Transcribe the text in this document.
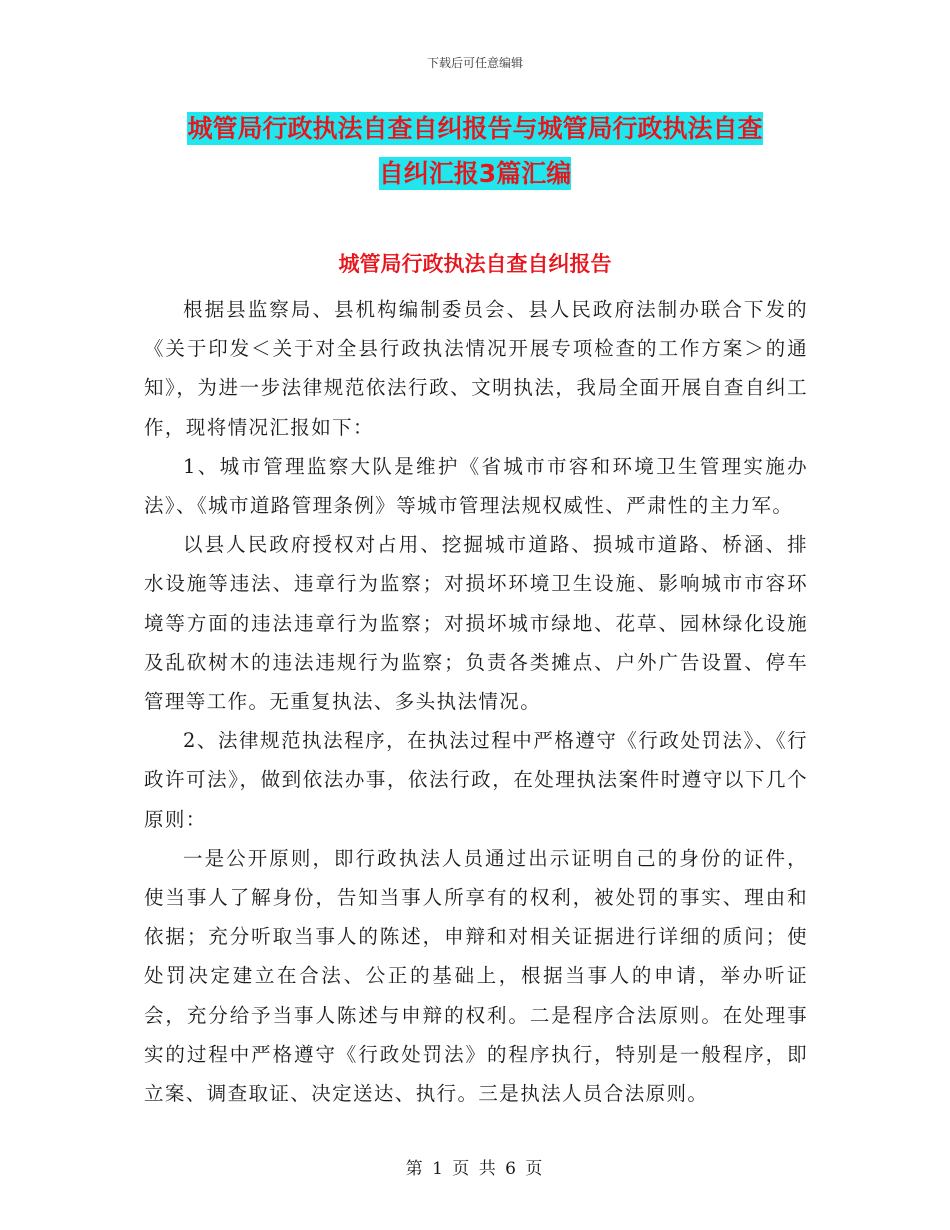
下载后可任意编辑
城管局行政执法自查自纠报告与城管局行政执法自查
自纠汇报3篇汇编
城管局行政执法自查自纠报告

根据县监察局、县机构编制委员会、县人民政府法制办联合下发的《关于印发＜关于对全县行政执法情况开展专项检查的工作方案＞的通知》，为进一步法律规范依法行政、文明执法，我局全面开展自查自纠工作，现将情况汇报如下：

1、城市管理监察大队是维护《省城市市容和环境卫生管理实施办法》、《城市道路管理条例》等城市管理法规权威性、严肃性的主力军。

以县人民政府授权对占用、挖掘城市道路、损城市道路、桥涵、排水设施等违法、违章行为监察；对损坏环境卫生设施、影响城市市容环境等方面的违法违章行为监察；对损坏城市绿地、花草、园林绿化设施及乱砍树木的违法违规行为监察；负责各类摊点、户外广告设置、停车管理等工作。无重复执法、多头执法情况。

2、法律规范执法程序，在执法过程中严格遵守《行政处罚法》、《行政许可法》，做到依法办事，依法行政，在处理执法案件时遵守以下几个原则：

一是公开原则，即行政执法人员通过出示证明自己的身份的证件，使当事人了解身份，告知当事人所享有的权利，被处罚的事实、理由和依据；充分听取当事人的陈述，申辩和对相关证据进行详细的质问；使处罚决定建立在合法、公正的基础上，根据当事人的申请，举办听证会，充分给予当事人陈述与申辩的权利。二是程序合法原则。在处理事实的过程中严格遵守《行政处罚法》的程序执行，特别是一般程序，即立案、调查取证、决定送达、执行。三是执法人员合法原则。

第 1 页 共 6 页
